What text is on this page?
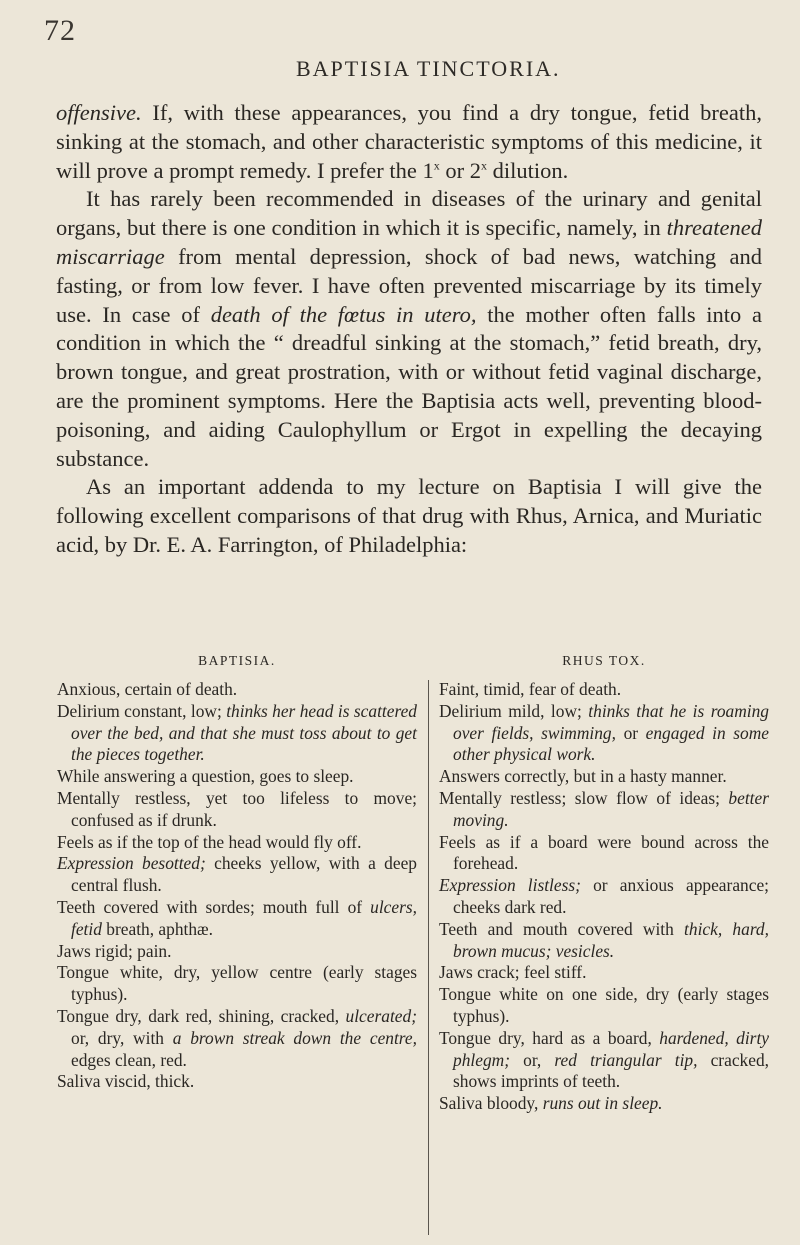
72
BAPTISIA TINCTORIA.

offensive. If, with these appearances, you find a dry tongue, fetid breath, sinking at the stomach, and other characteristic symptoms of this medicine, it will prove a prompt remedy. I prefer the 1$^x$ or 2$^x$ dilution.

It has rarely been recommended in diseases of the urinary and genital organs, but there is one condition in which it is specific, namely, in threatened miscarriage from mental depression, shock of bad news, watching and fasting, or from low fever. I have often prevented miscarriage by its timely use. In case of death of the fœtus in utero, the mother often falls into a condition in which the “ dreadful sinking at the stomach,” fetid breath, dry, brown tongue, and great prostration, with or without fetid vaginal discharge, are the prominent symptoms. Here the Baptisia acts well, preventing blood-poisoning, and aiding Caulophyllum or Ergot in expelling the decaying substance.

As an important addenda to my lecture on Baptisia I will give the following excellent comparisons of that drug with Rhus, Arnica, and Muriatic acid, by Dr. E. A. Farrington, of Philadelphia:

BAPTISIA.

Anxious, certain of death.

Delirium constant, low; thinks her head is scattered over the bed, and that she must toss about to get the pieces together.

While answering a question, goes to sleep.

Mentally restless, yet too lifeless to move; confused as if drunk.

Feels as if the top of the head would fly off.

Expression besotted; cheeks yellow, with a deep central flush.

Teeth covered with sordes; mouth full of ulcers, fetid breath, aphthæ.

Jaws rigid; pain.

Tongue white, dry, yellow centre (early stages typhus).

Tongue dry, dark red, shining, cracked, ulcerated; or, dry, with a brown streak down the centre, edges clean, red.

Saliva viscid, thick.

RHUS TOX.

Faint, timid, fear of death.

Delirium mild, low; thinks that he is roaming over fields, swimming, or engaged in some other physical work.

Answers correctly, but in a hasty manner.

Mentally restless; slow flow of ideas; better moving.

Feels as if a board were bound across the forehead.

Expression listless; or anxious appearance; cheeks dark red.

Teeth and mouth covered with thick, hard, brown mucus; vesicles.

Jaws crack; feel stiff.

Tongue white on one side, dry (early stages typhus).

Tongue dry, hard as a board, hardened, dirty phlegm; or, red triangular tip, cracked, shows imprints of teeth.

Saliva bloody, runs out in sleep.
